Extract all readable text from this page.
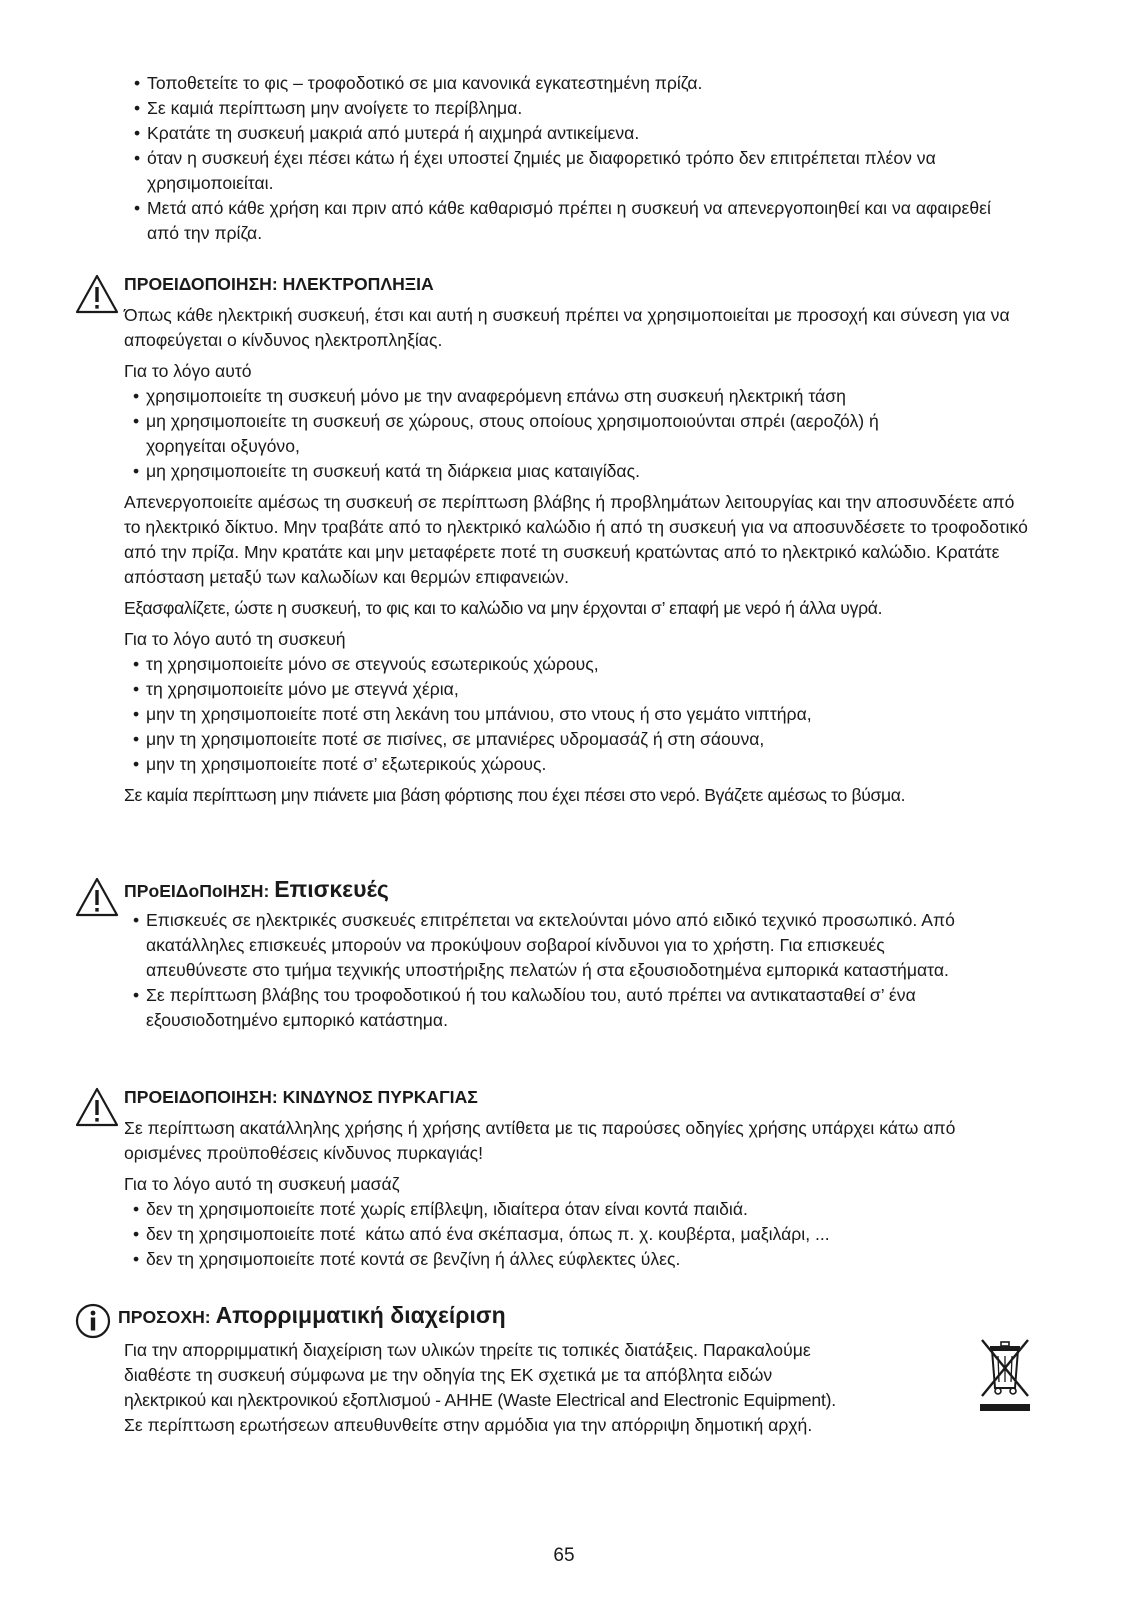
• Τοποθετείτε το φις – τροφοδοτικό σε μια κανονικά εγκατεστημένη πρίζα.
• Σε καμιά περίπτωση μην ανοίγετε το περίβλημα.
• Κρατάτε τη συσκευή μακριά από μυτερά ή αιχμηρά αντικείμενα.
• όταν η συσκευή έχει πέσει κάτω ή έχει υποστεί ζημιές με διαφορετικό τρόπο δεν επιτρέπεται πλέον να χρησιμοποιείται.
• Μετά από κάθε χρήση και πριν από κάθε καθαρισμό πρέπει η συσκευή να απενεργοποιηθεί και να αφαιρεθεί από την πρίζα.
ΠΡΟΕΙΔΟΠΟΙΗΣΗ: ΗΛΕΚΤΡΟΠΛΗΞΙΑ

Όπως κάθε ηλεκτρική συσκευή, έτσι και αυτή η συσκευή πρέπει να χρησιμοποιείται με προσοχή και σύνεση για να αποφεύγεται ο κίνδυνος ηλεκτροπληξίας.

Για το λόγο αυτό

• χρησιμοποιείτε τη συσκευή μόνο με την αναφερόμενη επάνω στη συσκευή ηλεκτρική τάση
• μη χρησιμοποιείτε τη συσκευή σε χώρους, στους οποίους χρησιμοποιούνται σπρέι (αεροζόλ) ή χορηγείται οξυγόνο,
• μη χρησιμοποιείτε τη συσκευή κατά τη διάρκεια μιας καταιγίδας.

Απενεργοποιείτε αμέσως τη συσκευή σε περίπτωση βλάβης ή προβλημάτων λειτουργίας και την αποσυνδέετε από το ηλεκτρικό δίκτυο. Μην τραβάτε από το ηλεκτρικό καλώδιο ή από τη συσκευή για να αποσυνδέσετε το τροφοδοτικό από την πρίζα. Μην κρατάτε και μην μεταφέρετε ποτέ τη συσκευή κρατώντας από το ηλεκτρικό καλώδιο. Κρατάτε απόσταση μεταξύ των καλωδίων και θερμών επιφανειών.

Εξασφαλίζετε, ώστε η συσκευή, το φις και το καλώδιο να μην έρχονται σ’ επαφή με νερό ή άλλα υγρά.

Για το λόγο αυτό τη συσκευή

• τη χρησιμοποιείτε μόνο σε στεγνούς εσωτερικούς χώρους,
• τη χρησιμοποιείτε μόνο με στεγνά χέρια,
• μην τη χρησιμοποιείτε ποτέ στη λεκάνη του μπάνιου, στο ντους ή στο γεμάτο νιπτήρα,
• μην τη χρησιμοποιείτε ποτέ σε πισίνες, σε μπανιέρες υδρομασάζ ή στη σάουνα,
• μην τη χρησιμοποιείτε ποτέ σ’ εξωτερικούς χώρους.

Σε καμία περίπτωση μην πιάνετε μια βάση φόρτισης που έχει πέσει στο νερό. Βγάζετε αμέσως το βύσμα.

ΠΡοΕΙΔοΠοΙΗΣΗ: Επισκευές
• Επισκευές σε ηλεκτρικές συσκευές επιτρέπεται να εκτελούνται μόνο από ειδικό τεχνικό προσωπικό. Από ακατάλληλες επισκευές μπορούν να προκύψουν σοβαροί κίνδυνοι για το χρήστη. Για επισκευές απευθύνεστε στο τμήμα τεχνικής υποστήριξης πελατών ή στα εξουσιοδοτημένα εμπορικά καταστήματα.
• Σε περίπτωση βλάβης του τροφοδοτικού ή του καλωδίου του, αυτό πρέπει να αντικατασταθεί σ’ ένα εξουσιοδοτημένο εμπορικό κατάστημα.
ΠΡΟΕΙΔΟΠΟΙΗΣΗ: ΚΙΝΔΥΝΟΣ ΠΥΡΚΑΓΙΑΣ

Σε περίπτωση ακατάλληλης χρήσης ή χρήσης αντίθετα με τις παρούσες οδηγίες χρήσης υπάρχει κάτω από ορισμένες προϋποθέσεις κίνδυνος πυρκαγιάς!

Για το λόγο αυτό τη συσκευή μασάζ

• δεν τη χρησιμοποιείτε ποτέ χωρίς επίβλεψη, ιδιαίτερα όταν είναι κοντά παιδιά.
• δεν τη χρησιμοποιείτε ποτέ  κάτω από ένα σκέπασμα, όπως π. χ. κουβέρτα, μαξιλάρι, ...
• δεν τη χρησιμοποιείτε ποτέ κοντά σε βενζίνη ή άλλες εύφλεκτες ύλες.
ΠΡΟΣΟΧΗ: Απορριμματική διαχείριση

Για την απορριμματική διαχείριση των υλικών τηρείτε τις τοπικές διατάξεις. Παρακαλούμε

διαθέστε τη συσκευή σύμφωνα με την οδηγία της ΕΚ σχετικά με τα απόβλητα ειδών

ηλεκτρικού και ηλεκτρονικού εξοπλισμού - ΑΗΗΕ (Waste Electrical and Electronic Equipment).

Σε περίπτωση ερωτήσεων απευθυνθείτε στην αρμόδια για την απόρριψη δημοτική αρχή.

65
